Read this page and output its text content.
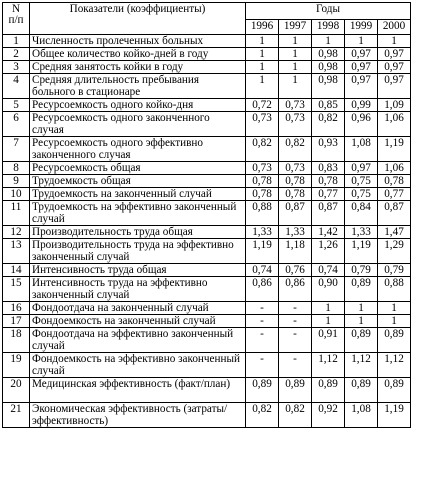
N
п/п	Показатели (коэффициенты)	Годы				
		1996	1997	1998	1999	2000
1	Численность пролеченных больных	1	1	1	1	1
2	Общее количество койко-дней в году	1	1	0,98	0,97	0,97
3	Средняя занятость койки в году	1	1	0,98	0,97	0,97
4	Средняя длительность пребывания больного в стационаре	1	1	0,98	0,97	0,97
5	Ресурсоемкость одного койко-дня	0,72	0,73	0,85	0,99	1,09
6	Ресурсоемкость одного законченного случая	0,73	0,73	0,82	0,96	1,06
7	Ресурсоемкость одного эффективно законченного случая	0,82	0,82	0,93	1,08	1,19
8	Ресурсоемкость общая	0,73	0,73	0,83	0,97	1,06
9	Трудоемкость общая	0,78	0,78	0,78	0,75	0,78
10	Трудоемкость на законченный случай	0,78	0,78	0,77	0,75	0,77
11	Трудоемкость на эффективно законченный случай	0,88	0,87	0,87	0,84	0,87
12	Производительность труда общая	1,33	1,33	1,42	1,33	1,47
13	Производительность труда на эффективно законченный случай	1,19	1,18	1,26	1,19	1,29
14	Интенсивность труда общая	0,74	0,76	0,74	0,79	0,79
15	Интенсивность труда на эффективно законченный случай	0,86	0,86	0,90	0,89	0,88
16	Фондоотдача на законченный случай	-	-	1	1	1
17	Фондоемкость на законченный случай	-	-	1	1	1
18	Фондоотдача на эффективно законченный случай	-	-	0,91	0,89	0,89
19	Фондоемкость на эффективно законченный случай	-	-	1,12	1,12	1,12
20	Медицинская эффективность (факт/план)	0,89	0,89	0,89	0,89	0,89
21	Экономическая эффективность (затраты/эффективность)	0,82	0,82	0,92	1,08	1,19
